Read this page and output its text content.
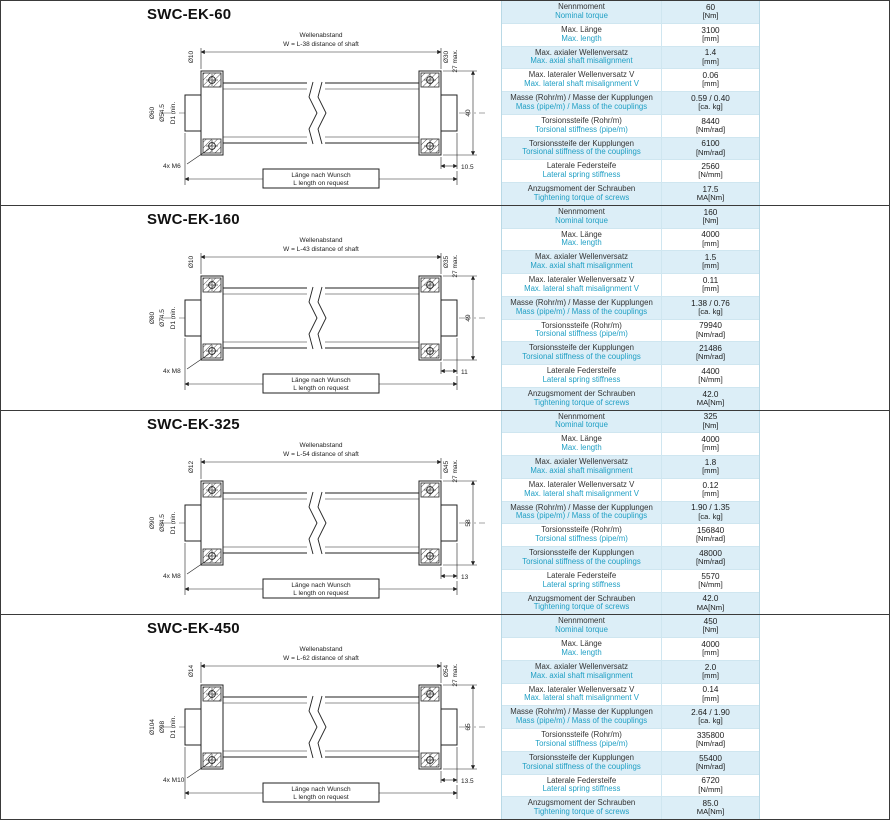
SWC-EK-60
Wellenabstand
W = L-38 distance of shaft
Ø60 Ø54.5 D1 min.
Ø10	Ø30 27 max.
40
10.5
4x M6
Länge nach Wunsch
L length on request
Nennmoment
Nominal torque
60
[Nm]
Max. Länge
Max. length
3100
[mm]
Max. axialer Wellenversatz
Max. axial shaft misalignment
1.4
[mm]
Max. lateraler Wellenversatz V
Max. lateral shaft misalignment V
0.06
[mm]
Masse (Rohr/m) / Masse der Kupplungen
Mass (pipe/m) / Mass of the couplings
0.59 / 0.40
[ca. kg]
Torsionssteife (Rohr/m)
Torsional stiffness (pipe/m)
8440
[Nm/rad]
Torsionssteife der Kupplungen
Torsional stiffness of the couplings
6100
[Nm/rad]
Laterale Federsteife
Lateral spring stiffness
2560
[N/mm]
Anzugsmoment der Schrauben
Tightening torque of screws
17.5
MA[Nm]
SWC-EK-160
Wellenabstand
W = L-43 distance of shaft
Ø80 Ø74.5 D1 min.
Ø10	Ø35 27 max.
49
11
4x M8
Länge nach Wunsch
L length on request
Nennmoment
Nominal torque
160
[Nm]
Max. Länge
Max. length
4000
[mm]
Max. axialer Wellenversatz
Max. axial shaft misalignment
1.5
[mm]
Max. lateraler Wellenversatz V
Max. lateral shaft misalignment V
0.11
[mm]
Masse (Rohr/m) / Masse der Kupplungen
Mass (pipe/m) / Mass of the couplings
1.38 / 0.76
[ca. kg]
Torsionssteife (Rohr/m)
Torsional stiffness (pipe/m)
79940
[Nm/rad]
Torsionssteife der Kupplungen
Torsional stiffness of the couplings
21486
[Nm/rad]
Laterale Federsteife
Lateral spring stiffness
4400
[N/mm]
Anzugsmoment der Schrauben
Tightening torque of screws
42.0
MA[Nm]
SWC-EK-325
Wellenabstand
W = L-54 distance of shaft
Ø90 Ø84.5 D1 min.
Ø12	Ø45 27 max.
58
13
4x M8
Länge nach Wunsch
L length on request
Nennmoment
Nominal torque
325
[Nm]
Max. Länge
Max. length
4000
[mm]
Max. axialer Wellenversatz
Max. axial shaft misalignment
1.8
[mm]
Max. lateraler Wellenversatz V
Max. lateral shaft misalignment V
0.12
[mm]
Masse (Rohr/m) / Masse der Kupplungen
Mass (pipe/m) / Mass of the couplings
1.90 / 1.35
[ca. kg]
Torsionssteife (Rohr/m)
Torsional stiffness (pipe/m)
156840
[Nm/rad]
Torsionssteife der Kupplungen
Torsional stiffness of the couplings
48000
[Nm/rad]
Laterale Federsteife
Lateral spring stiffness
5570
[N/mm]
Anzugsmoment der Schrauben
Tightening torque of screws
42.0
MA[Nm]
SWC-EK-450
Wellenabstand
W = L-62 distance of shaft
Ø104 Ø98 D1 min.
Ø14	Ø54 27 max.
65
13.5
4x M10
Länge nach Wunsch
L length on request
Nennmoment
Nominal torque
450
[Nm]
Max. Länge
Max. length
4000
[mm]
Max. axialer Wellenversatz
Max. axial shaft misalignment
2.0
[mm]
Max. lateraler Wellenversatz V
Max. lateral shaft misalignment V
0.14
[mm]
Masse (Rohr/m) / Masse der Kupplungen
Mass (pipe/m) / Mass of the couplings
2.64 / 1.90
[ca. kg]
Torsionssteife (Rohr/m)
Torsional stiffness (pipe/m)
335800
[Nm/rad]
Torsionssteife der Kupplungen
Torsional stiffness of the couplings
55400
[Nm/rad]
Laterale Federsteife
Lateral spring stiffness
6720
[N/mm]
Anzugsmoment der Schrauben
Tightening torque of screws
85.0
MA[Nm]
